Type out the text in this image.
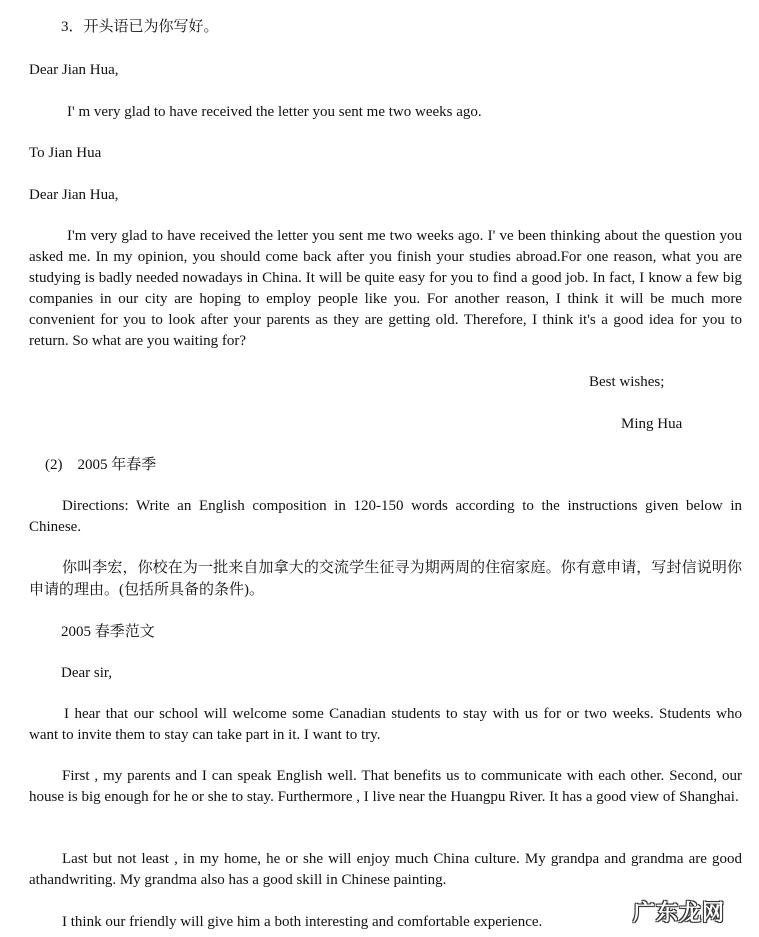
3．开头语已为你写好。
Dear Jian Hua,
I' m very glad to have received the letter you sent me two weeks ago.
To Jian Hua
Dear Jian Hua,
I'm very glad to have received the letter you sent me two weeks ago. I' ve been thinking about the question you asked me. In my opinion, you should come back after you finish your studies abroad.For one reason, what you are studying is badly needed nowadays in China. It will be quite easy for you to find a good job. In fact, I know a few big companies in our city are hoping to employ people like you. For another reason, I think it will be much more convenient for you to look after your parents as they are getting old. Therefore, I think it's a good idea for you to return. So what are you waiting for?
Best wishes;
Ming Hua
(2)    2005 年春季
Directions: Write an English composition in 120-150 words according to the instructions given below in Chinese.
你叫李宏，你校在为一批来自加拿大的交流学生征寻为期两周的住宿家庭。你有意申请，写封信说明你申请的理由。(包括所具备的条件)。
2005 春季范文
Dear sir,
I hear that our school will welcome some Canadian students to stay with us for or two weeks. Students who want to invite them to stay can take part in it. I want to try.
First , my parents and I can speak English well. That benefits us to communicate with each other. Second, our house is big enough for he or she to stay. Furthermore , I live near the Huangpu River. It has a good view of Shanghai.
Last but not least , in my home, he or she will enjoy much China culture. My grandpa and grandma are good athandwriting. My grandma also has a good skill in Chinese painting.
I think our friendly will give him a both interesting and comfortable experience.	广东龙网
